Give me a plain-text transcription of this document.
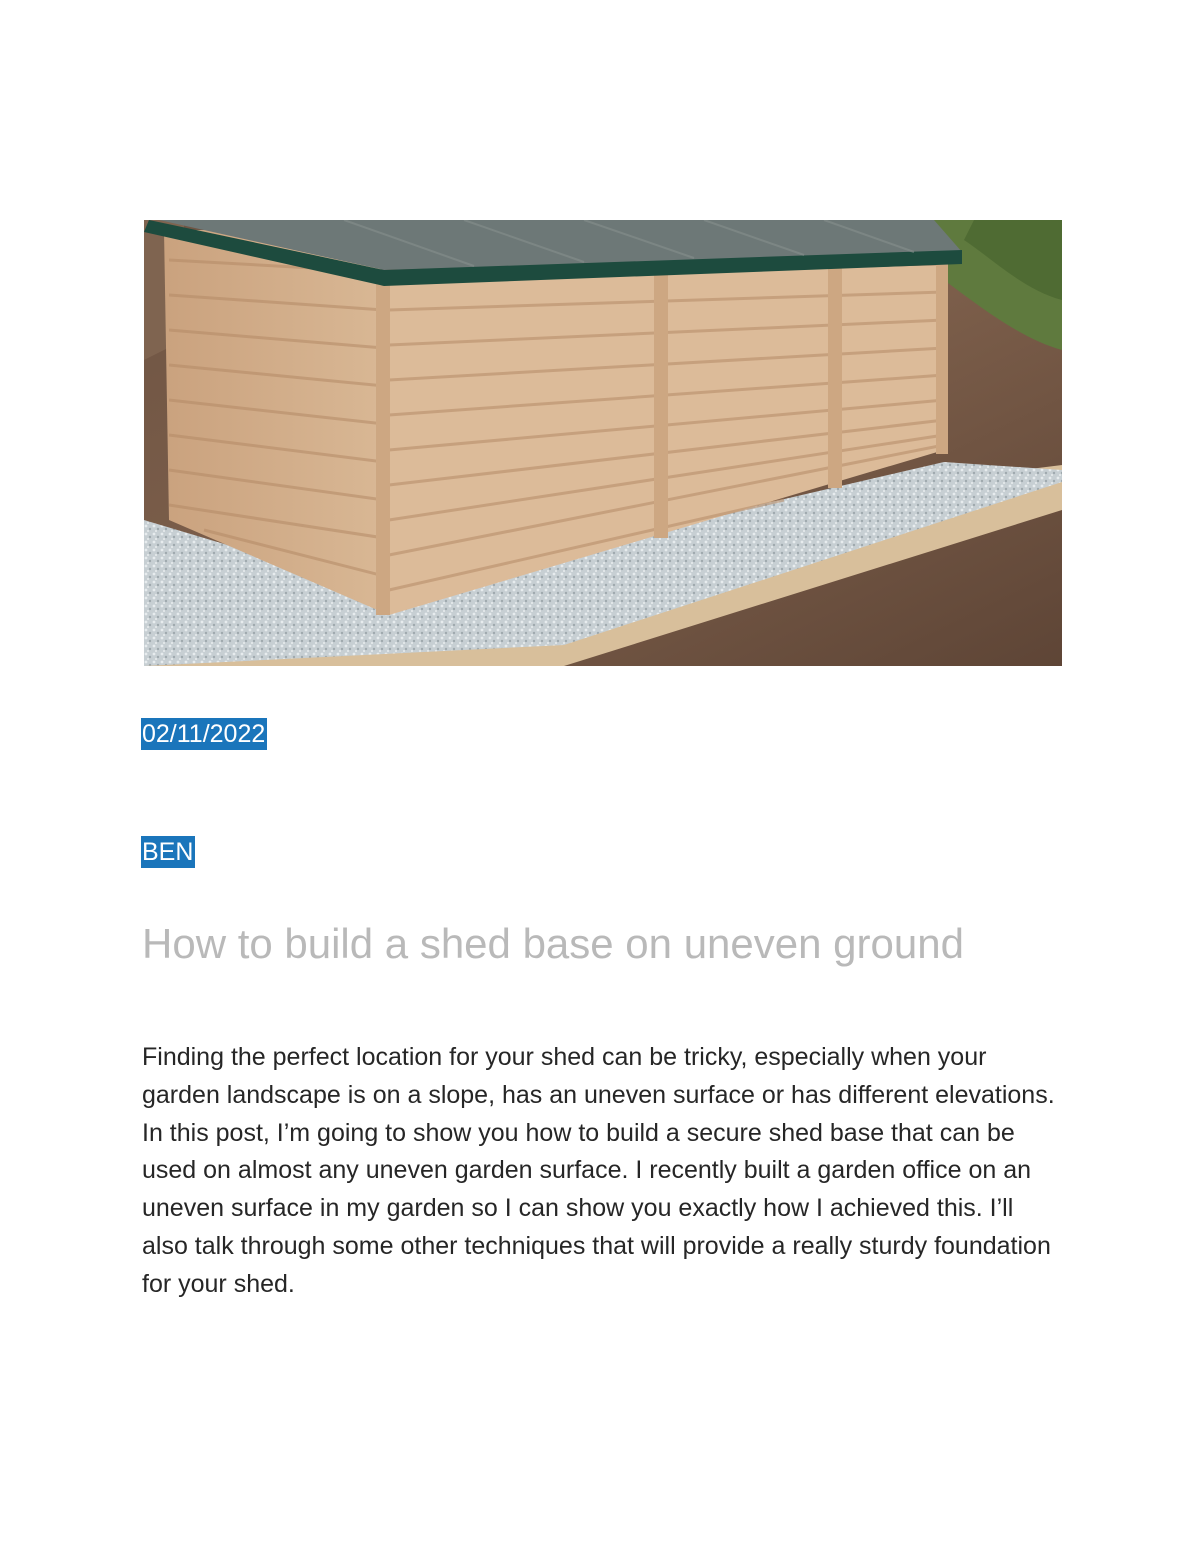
02/11/2022
BEN
How to build a shed base on uneven ground

Finding the perfect location for your shed can be tricky, especially when your garden landscape is on a slope, has an uneven surface or has different elevations. In this post, I’m going to show you how to build a secure shed base that can be used on almost any uneven garden surface. I recently built a garden office on an uneven surface in my garden so I can show you exactly how I achieved this. I’ll also talk through some other techniques that will provide a really sturdy foundation for your shed.
